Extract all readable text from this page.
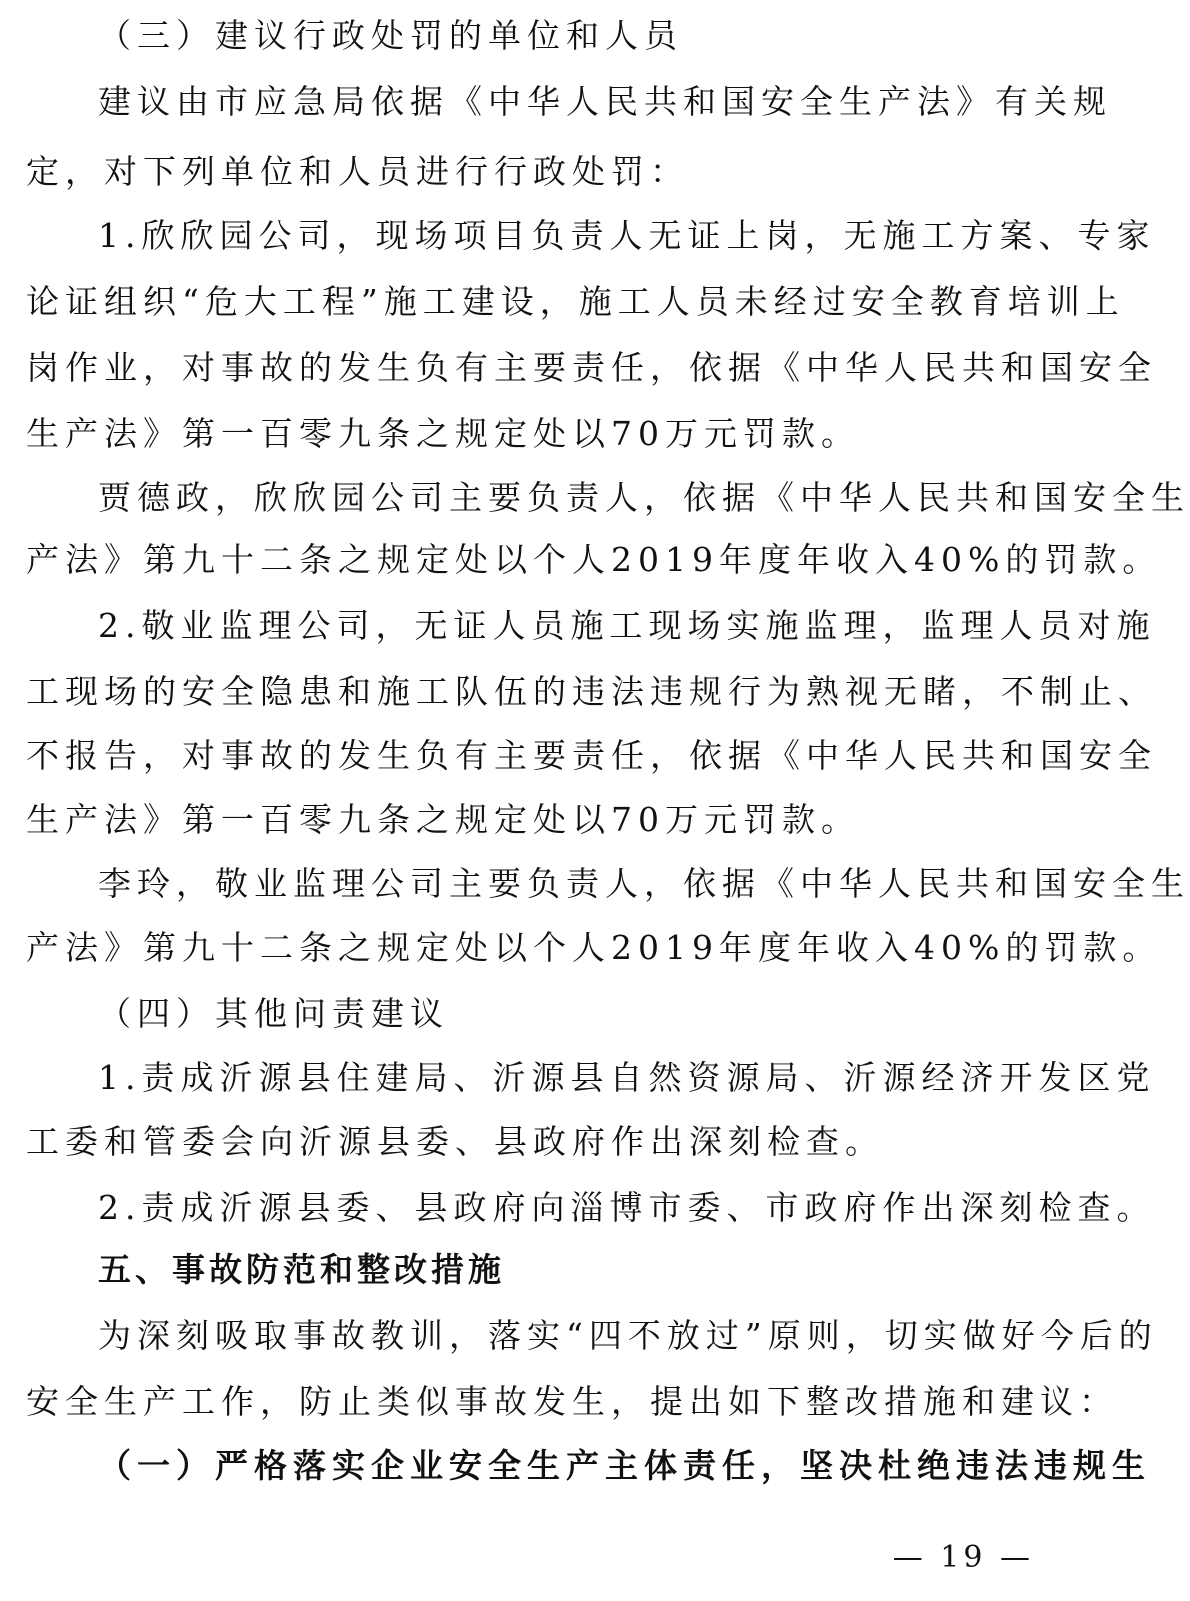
（三）建议行政处罚的单位和人员
建议由市应急局依据《中华人民共和国安全生产法》有关规
定，对下列单位和人员进行行政处罚：
1.欣欣园公司，现场项目负责人无证上岗，无施工方案、专家
论证组织“危大工程”施工建设，施工人员未经过安全教育培训上
岗作业，对事故的发生负有主要责任，依据《中华人民共和国安全
生产法》第一百零九条之规定处以70万元罚款。
贾德政，欣欣园公司主要负责人，依据《中华人民共和国安全生
产法》第九十二条之规定处以个人2019年度年收入40%的罚款。
2.敬业监理公司，无证人员施工现场实施监理，监理人员对施
工现场的安全隐患和施工队伍的违法违规行为熟视无睹，不制止、
不报告，对事故的发生负有主要责任，依据《中华人民共和国安全
生产法》第一百零九条之规定处以70万元罚款。
李玲，敬业监理公司主要负责人，依据《中华人民共和国安全生
产法》第九十二条之规定处以个人2019年度年收入40%的罚款。
（四）其他问责建议
1.责成沂源县住建局、沂源县自然资源局、沂源经济开发区党
工委和管委会向沂源县委、县政府作出深刻检查。
2.责成沂源县委、县政府向淄博市委、市政府作出深刻检查。
五、事故防范和整改措施
为深刻吸取事故教训，落实“四不放过”原则，切实做好今后的
安全生产工作，防止类似事故发生，提出如下整改措施和建议：
（一）严格落实企业安全生产主体责任，坚决杜绝违法违规生
— 19 —
